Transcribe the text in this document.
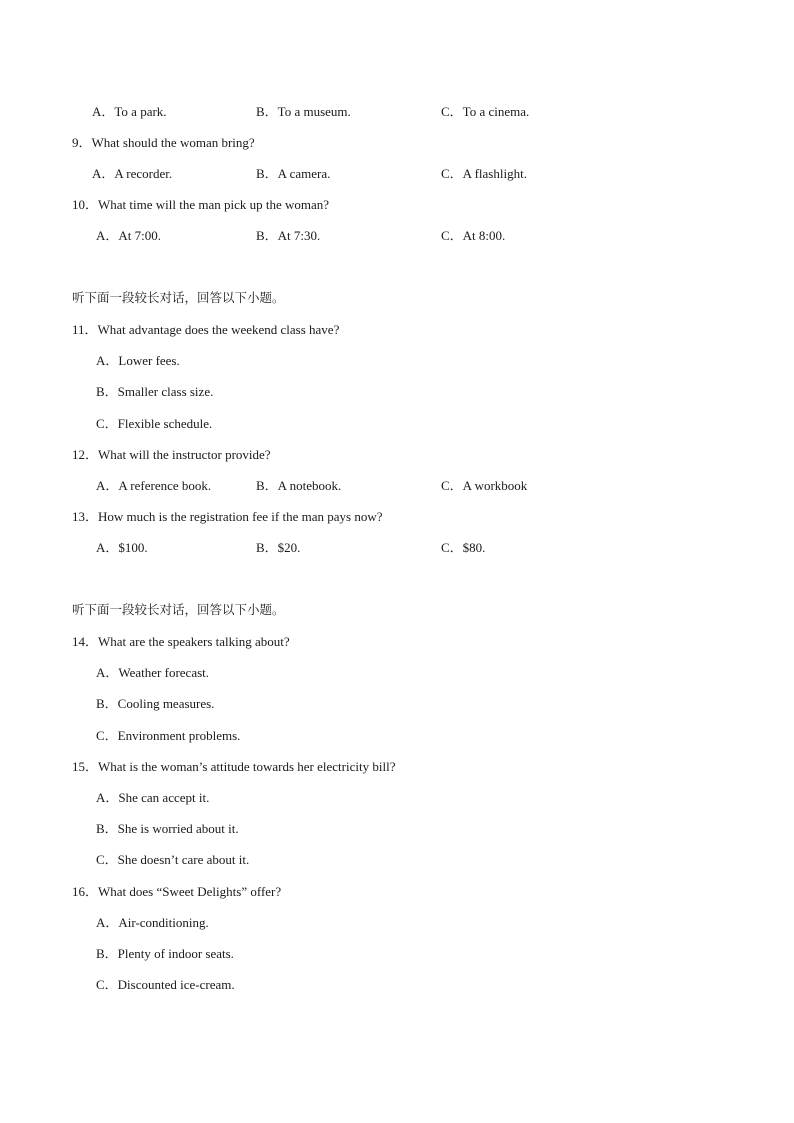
A．To a park.	B．To a museum.	C．To a cinema.
9．What should the woman bring?
A．A recorder.	B．A camera.	C．A flashlight.
10．What time will the man pick up the woman?
A．At 7:00.	B．At 7:30.	C．At 8:00.
听下面一段较长对话，回答以下小题。
11．What advantage does the weekend class have?
A．Lower fees.
B．Smaller class size.
C．Flexible schedule.
12．What will the instructor provide?
A．A reference book.	B．A notebook.	C．A workbook
13．How much is the registration fee if the man pays now?
A．$100.	B．$20.	C．$80.
听下面一段较长对话，回答以下小题。
14．What are the speakers talking about?
A．Weather forecast.
B．Cooling measures.
C．Environment problems.
15．What is the woman’s attitude towards her electricity bill?
A．She can accept it.
B．She is worried about it.
C．She doesn’t care about it.
16．What does “Sweet Delights” offer?
A．Air-conditioning.
B．Plenty of indoor seats.
C．Discounted ice-cream.
